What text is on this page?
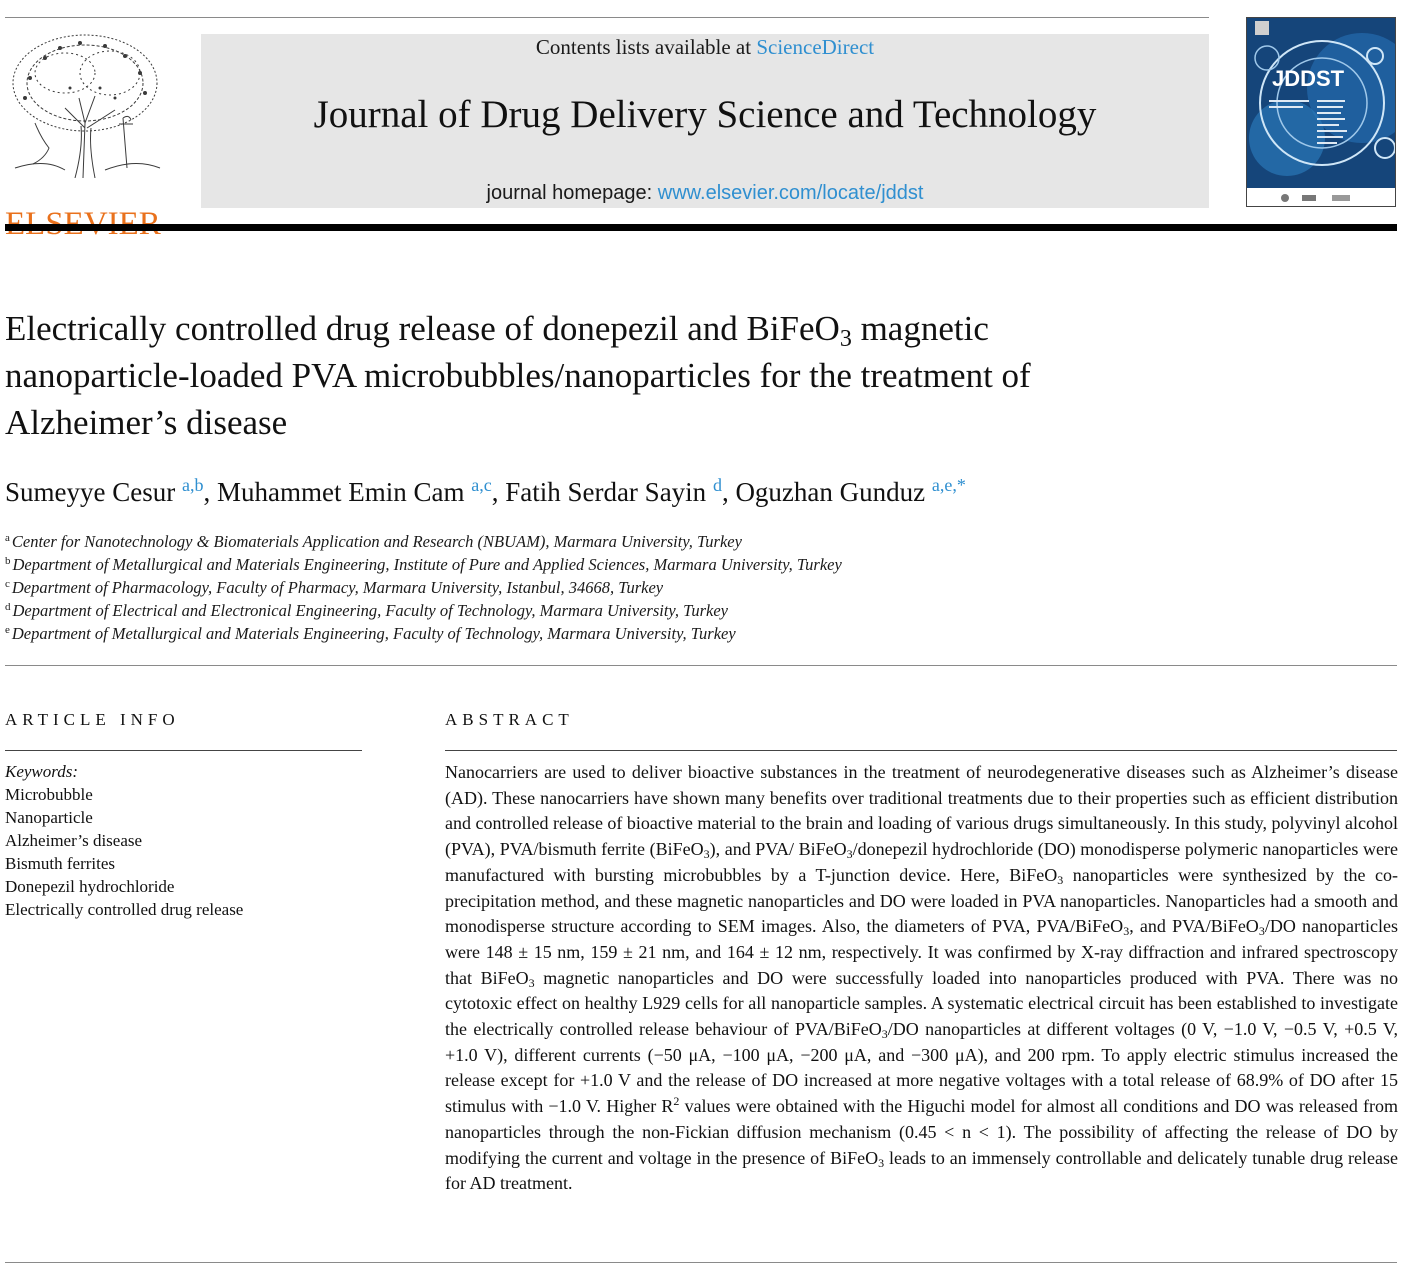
Contents lists available at ScienceDirect
Journal of Drug Delivery Science and Technology
journal homepage: www.elsevier.com/locate/jddst
JDDST
Electrically controlled drug release of donepezil and BiFeO$_3$ magnetic
nanoparticle-loaded PVA microbubbles/nanoparticles for the treatment of
Alzheimer’s disease
Sumeyye Cesur $^{a,b}$, Muhammet Emin Cam $^{a,c}$, Fatih Serdar Sayin $^d$, Oguzhan Gunduz $^{a,e,*}$
$^a$ Center for Nanotechnology & Biomaterials Application and Research (NBUAM), Marmara University, Turkey
$^b$ Department of Metallurgical and Materials Engineering, Institute of Pure and Applied Sciences, Marmara University, Turkey
$^c$ Department of Pharmacology, Faculty of Pharmacy, Marmara University, Istanbul, 34668, Turkey
$^d$ Department of Electrical and Electronical Engineering, Faculty of Technology, Marmara University, Turkey
$^e$ Department of Metallurgical and Materials Engineering, Faculty of Technology, Marmara University, Turkey
ARTICLE INFO	ABSTRACT
Keywords:
Microbubble
Nanoparticle
Alzheimer’s disease
Bismuth ferrites
Donepezil hydrochloride
Electrically controlled drug release
Nanocarriers are used to deliver bioactive substances in the treatment of neurodegenerative diseases such as Alzheimer’s disease (AD). These nanocarriers have shown many benefits over traditional treatments due to their properties such as efficient distribution and controlled release of bioactive material to the brain and loading of various drugs simultaneously. In this study, polyvinyl alcohol (PVA), PVA/bismuth ferrite (BiFeO$_3$), and PVA/ BiFeO$_3$/donepezil hydrochloride (DO) monodisperse polymeric nanoparticles were manufactured with bursting microbubbles by a T-junction device. Here, BiFeO$_3$ nanoparticles were synthesized by the co-precipitation method, and these magnetic nanoparticles and DO were loaded in PVA nanoparticles. Nanoparticles had a smooth and monodisperse structure according to SEM images. Also, the diameters of PVA, PVA/BiFeO$_3$, and PVA/BiFeO$_3$/DO nanoparticles were 148 ± 15 nm, 159 ± 21 nm, and 164 ± 12 nm, respectively. It was confirmed by X-ray diffraction and infrared spectroscopy that BiFeO$_3$ magnetic nanoparticles and DO were successfully loaded into nanoparticles produced with PVA. There was no cytotoxic effect on healthy L929 cells for all nanoparticle samples. A systematic electrical circuit has been established to investigate the electrically controlled release behaviour of PVA/BiFeO$_3$/DO nanoparticles at different voltages (0 V, −1.0 V, −0.5 V, +0.5 V, +1.0 V), different currents (−50 μA, −100 μA, −200 μA, and −300 μA), and 200 rpm. To apply electric stimulus increased the release except for +1.0 V and the release of DO increased at more negative voltages with a total release of 68.9% of DO after 15 stimulus with −1.0 V. Higher $R^2$ values were obtained with the Higuchi model for almost all conditions and DO was released from nanoparticles through the non-Fickian diffusion mechanism (0.45 < n < 1). The possibility of affecting the release of DO by modifying the current and voltage in the presence of BiFeO$_3$ leads to an immensely controllable and delicately tunable drug release for AD treatment.
